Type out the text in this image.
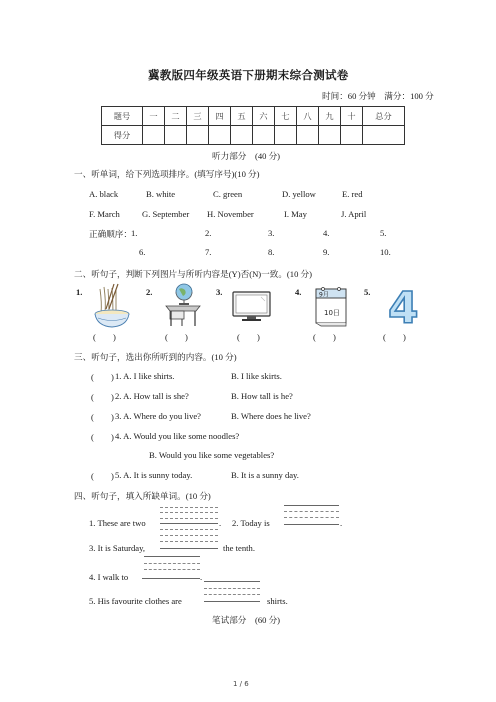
冀教版四年级英语下册期末综合测试卷
时间：60 分钟　满分：100 分
题号	一	二	三	四	五	六	七	八	九	十	总分
得分											
听力部分　(40 分)
一、听单词，给下列选项排序。(填写序号)(10 分)
A. black	B. white	C. green	D. yellow	E. red
F. March	G. September H. November	I. May	J. April
正确顺序： 1.	2.	3.	4.	5.
6.	7.	8.	9.	10.
二、听句子，判断下列图片与所听内容是(Y)否(N)一致。(10 分)
1.	2.	3.	4.	5.
9月
10日 4
(　　)	(　　)	(　　)	(　　)	(　　)
三、听句子，选出你所听到的内容。(10 分)
(　　) 1. A. I like shirts.	B. I like skirts.
(　　) 2. A. How tall is she?	B. How tall is he?
(　　) 3. A. Where do you live?	B. Where does he live?
(　　) 4. A. Would you like some noodles?
B. Would you like some vegetables?
(　　) 5. A. It is sunny today.	B. It is a sunny day.
四、听句子，填入所缺单词。(10 分)
1. These are two	. 2. Today is	.
3. It is Saturday,	the tenth.
4. I walk to	.
5. His favourite clothes are	shirts.
笔试部分　(60 分)
1 / 6
